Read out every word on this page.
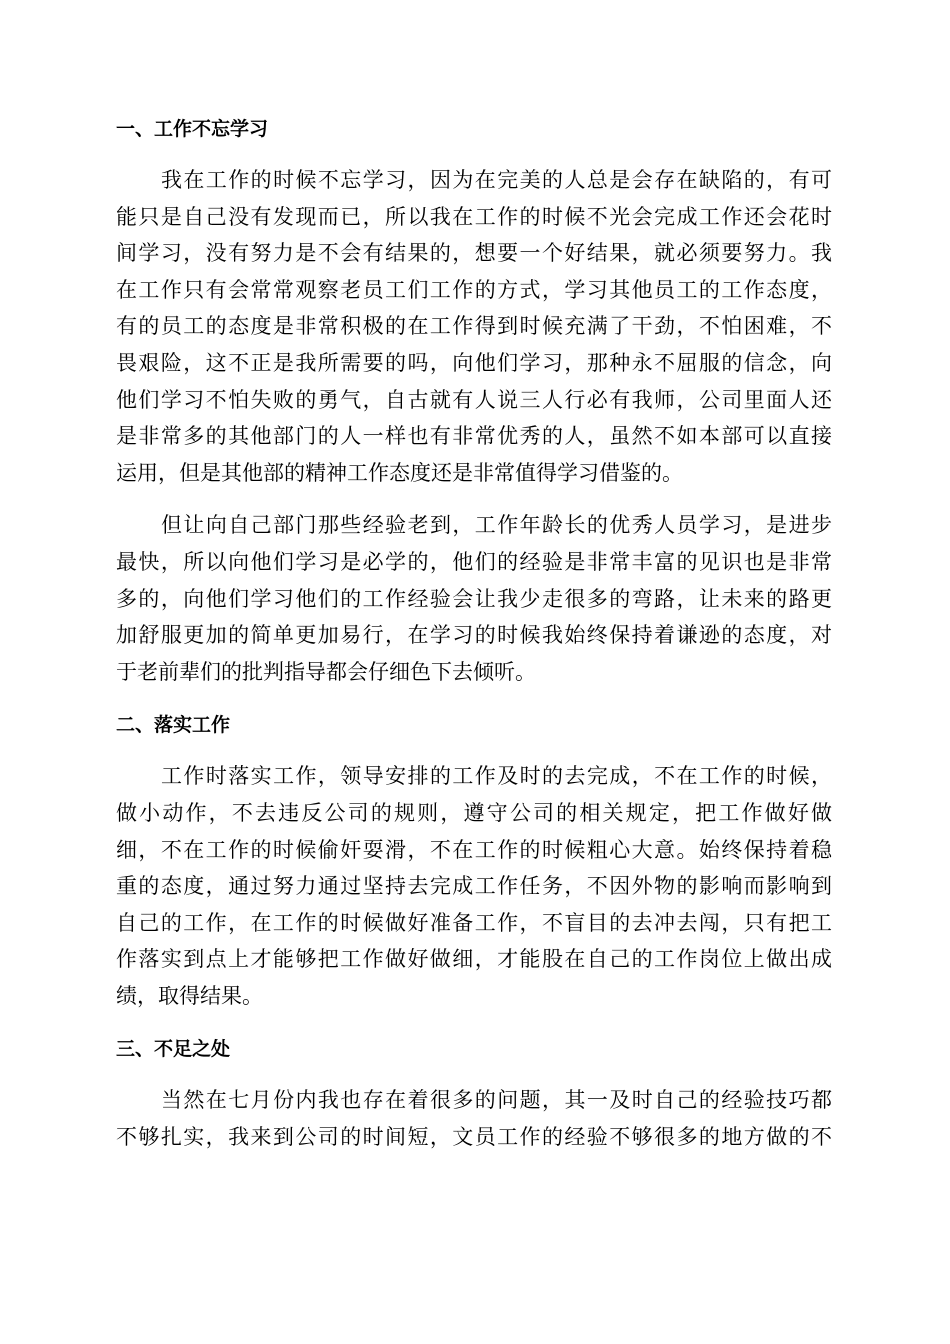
一、工作不忘学习
我在工作的时候不忘学习，因为在完美的人总是会存在缺陷的，有可
能只是自己没有发现而已，所以我在工作的时候不光会完成工作还会花时
间学习，没有努力是不会有结果的，想要一个好结果，就必须要努力。我
在工作只有会常常观察老员工们工作的方式，学习其他员工的工作态度，
有的员工的态度是非常积极的在工作得到时候充满了干劲，不怕困难，不
畏艰险，这不正是我所需要的吗，向他们学习，那种永不屈服的信念，向
他们学习不怕失败的勇气，自古就有人说三人行必有我师，公司里面人还
是非常多的其他部门的人一样也有非常优秀的人，虽然不如本部可以直接
运用，但是其他部的精神工作态度还是非常值得学习借鉴的。
但让向自己部门那些经验老到，工作年龄长的优秀人员学习，是进步
最快，所以向他们学习是必学的，他们的经验是非常丰富的见识也是非常
多的，向他们学习他们的工作经验会让我少走很多的弯路，让未来的路更
加舒服更加的简单更加易行，在学习的时候我始终保持着谦逊的态度，对
于老前辈们的批判指导都会仔细色下去倾听。
二、落实工作
工作时落实工作，领导安排的工作及时的去完成，不在工作的时候，
做小动作，不去违反公司的规则，遵守公司的相关规定，把工作做好做
细，不在工作的时候偷奸耍滑，不在工作的时候粗心大意。始终保持着稳
重的态度，通过努力通过坚持去完成工作任务，不因外物的影响而影响到
自己的工作，在工作的时候做好准备工作，不盲目的去冲去闯，只有把工
作落实到点上才能够把工作做好做细，才能股在自己的工作岗位上做出成
绩，取得结果。
三、不足之处
当然在七月份内我也存在着很多的问题，其一及时自己的经验技巧都
不够扎实，我来到公司的时间短，文员工作的经验不够很多的地方做的不
